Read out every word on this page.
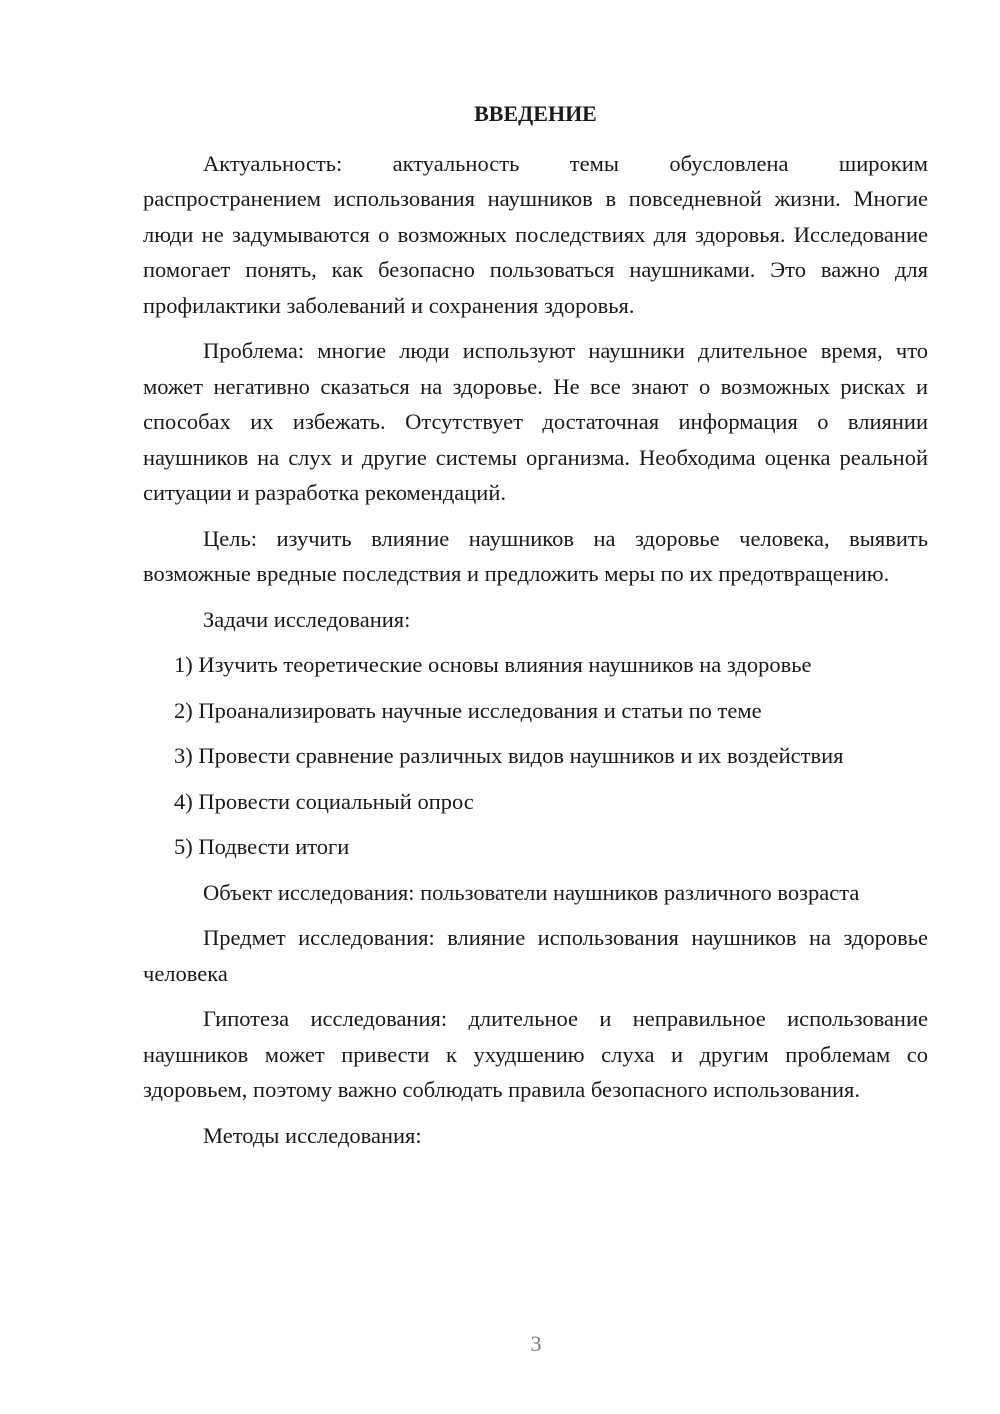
ВВЕДЕНИЕ

Актуальность: актуальность темы обусловлена широким распространением использования наушников в повседневной жизни. Многие люди не задумываются о возможных последствиях для здоровья. Исследование помогает понять, как безопасно пользоваться наушниками. Это важно для профилактики заболеваний и сохранения здоровья.

Проблема: многие люди используют наушники длительное время, что может негативно сказаться на здоровье. Не все знают о возможных рисках и способах их избежать. Отсутствует достаточная информация о влиянии наушников на слух и другие системы организма. Необходима оценка реальной ситуации и разработка рекомендаций.

Цель: изучить влияние наушников на здоровье человека, выявить возможные вредные последствия и предложить меры по их предотвращению.

Задачи исследования:

1) Изучить теоретические основы влияния наушников на здоровье
2) Проанализировать научные исследования и статьи по теме
3) Провести сравнение различных видов наушников и их воздействия
4) Провести социальный опрос
5) Подвести итоги

Объект исследования: пользователи наушников различного возраста

Предмет исследования: влияние использования наушников на здоровье человека

Гипотеза исследования: длительное и неправильное использование наушников может привести к ухудшению слуха и другим проблемам со здоровьем, поэтому важно соблюдать правила безопасного использования.

Методы исследования:

3
